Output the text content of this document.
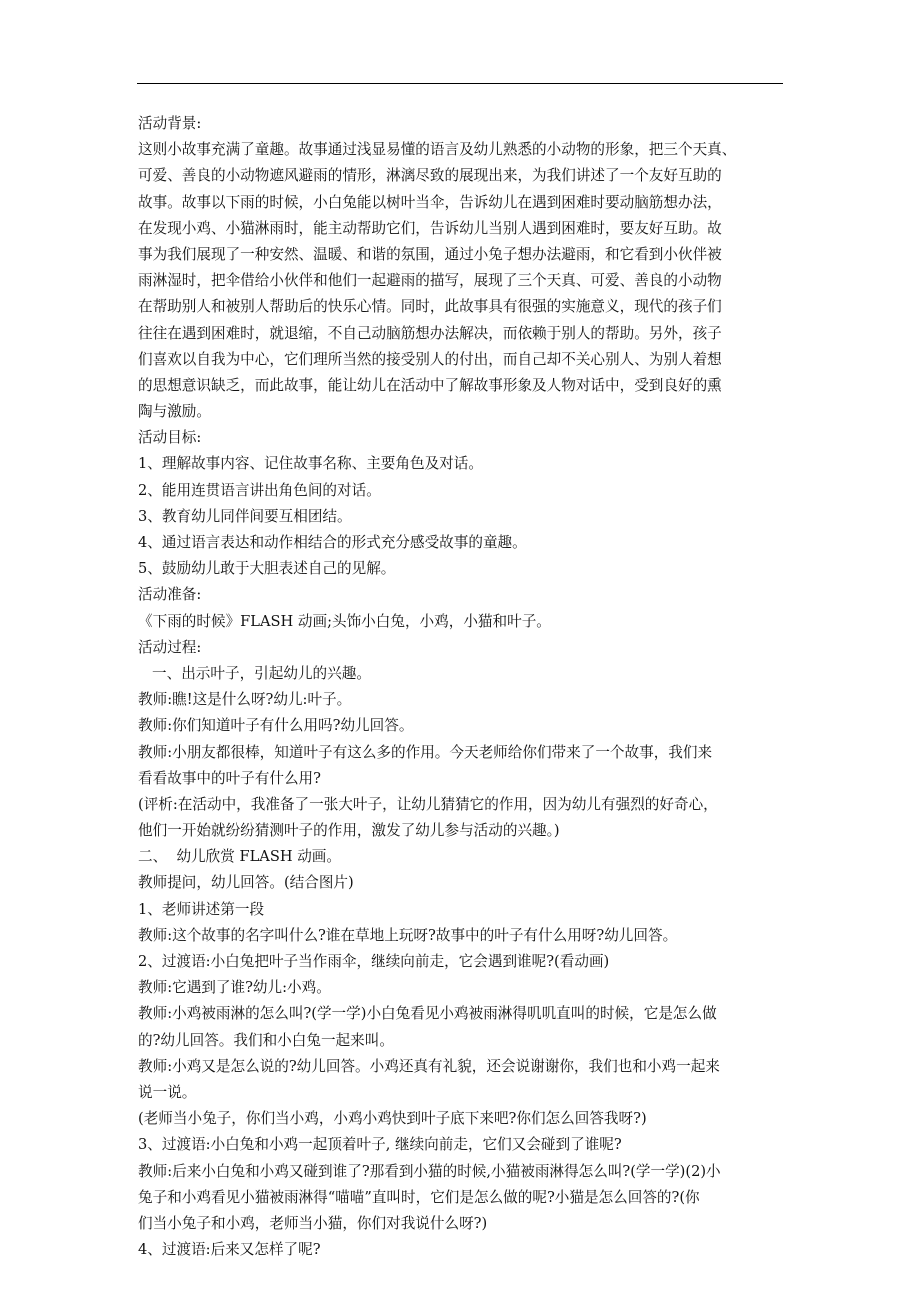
活动背景:
这则小故事充满了童趣。故事通过浅显易懂的语言及幼儿熟悉的小动物的形象，把三个天真、
可爱、善良的小动物遮风避雨的情形，淋漓尽致的展现出来，为我们讲述了一个友好互助的
故事。故事以下雨的时候，小白兔能以树叶当伞，告诉幼儿在遇到困难时要动脑筋想办法，
在发现小鸡、小猫淋雨时，能主动帮助它们，告诉幼儿当别人遇到困难时，要友好互助。故
事为我们展现了一种安然、温暖、和谐的氛围，通过小兔子想办法避雨，和它看到小伙伴被
雨淋湿时，把伞借给小伙伴和他们一起避雨的描写，展现了三个天真、可爱、善良的小动物
在帮助别人和被别人帮助后的快乐心情。同时，此故事具有很强的实施意义，现代的孩子们
往往在遇到困难时，就退缩，不自己动脑筋想办法解决，而依赖于别人的帮助。另外，孩子
们喜欢以自我为中心，它们理所当然的接受别人的付出，而自己却不关心别人、为别人着想
的思想意识缺乏，而此故事，能让幼儿在活动中了解故事形象及人物对话中，受到良好的熏
陶与激励。
活动目标:
1、理解故事内容、记住故事名称、主要角色及对话。
2、能用连贯语言讲出角色间的对话。
3、教育幼儿同伴间要互相团结。
4、通过语言表达和动作相结合的形式充分感受故事的童趣。
5、鼓励幼儿敢于大胆表述自己的见解。
活动准备:
《下雨的时候》FLASH 动画;头饰小白兔，小鸡，小猫和叶子。
活动过程:
一、出示叶子，引起幼儿的兴趣。
教师:瞧!这是什么呀?幼儿:叶子。
教师:你们知道叶子有什么用吗?幼儿回答。
教师:小朋友都很棒，知道叶子有这么多的作用。今天老师给你们带来了一个故事，我们来
看看故事中的叶子有什么用?
(评析:在活动中，我准备了一张大叶子，让幼儿猜猜它的作用，因为幼儿有强烈的好奇心，
他们一开始就纷纷猜测叶子的作用，激发了幼儿参与活动的兴趣。)
二、  幼儿欣赏 FLASH 动画。
教师提问，幼儿回答。(结合图片)
1、老师讲述第一段
教师:这个故事的名字叫什么?谁在草地上玩呀?故事中的叶子有什么用呀?幼儿回答。
2、过渡语:小白兔把叶子当作雨伞，继续向前走，它会遇到谁呢?(看动画)
教师:它遇到了谁?幼儿:小鸡。
教师:小鸡被雨淋的怎么叫?(学一学)小白兔看见小鸡被雨淋得叽叽直叫的时候，它是怎么做
的?幼儿回答。我们和小白兔一起来叫。
教师:小鸡又是怎么说的?幼儿回答。小鸡还真有礼貌，还会说谢谢你，我们也和小鸡一起来
说一说。
(老师当小兔子，你们当小鸡，小鸡小鸡快到叶子底下来吧?你们怎么回答我呀?)
3、过渡语:小白兔和小鸡一起顶着叶子, 继续向前走，它们又会碰到了谁呢?
教师:后来小白兔和小鸡又碰到谁了?那看到小猫的时候,小猫被雨淋得怎么叫?(学一学)(2)小
兔子和小鸡看见小猫被雨淋得“喵喵”直叫时，它们是怎么做的呢?小猫是怎么回答的?(你
们当小兔子和小鸡，老师当小猫，你们对我说什么呀?)
4、过渡语:后来又怎样了呢?
